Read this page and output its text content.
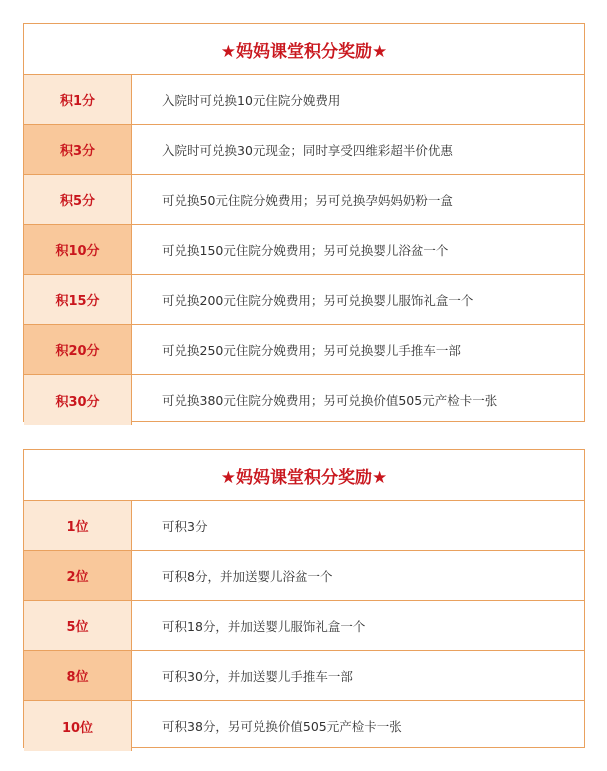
★妈妈课堂积分奖励★
积1分	入院时可兑换10元住院分娩费用
积3分	入院时可兑换30元现金；同时享受四维彩超半价优惠
积5分	可兑换50元住院分娩费用；另可兑换孕妈妈奶粉一盒
积10分	可兑换150元住院分娩费用；另可兑换婴儿浴盆一个
积15分	可兑换200元住院分娩费用；另可兑换婴儿服饰礼盒一个
积20分	可兑换250元住院分娩费用；另可兑换婴儿手推车一部
积30分	可兑换380元住院分娩费用；另可兑换价值505元产检卡一张
★妈妈课堂积分奖励★
1位	可积3分
2位	可积8分，并加送婴儿浴盆一个
5位	可积18分，并加送婴儿服饰礼盒一个
8位	可积30分，并加送婴儿手推车一部
10位	可积38分，另可兑换价值505元产检卡一张
